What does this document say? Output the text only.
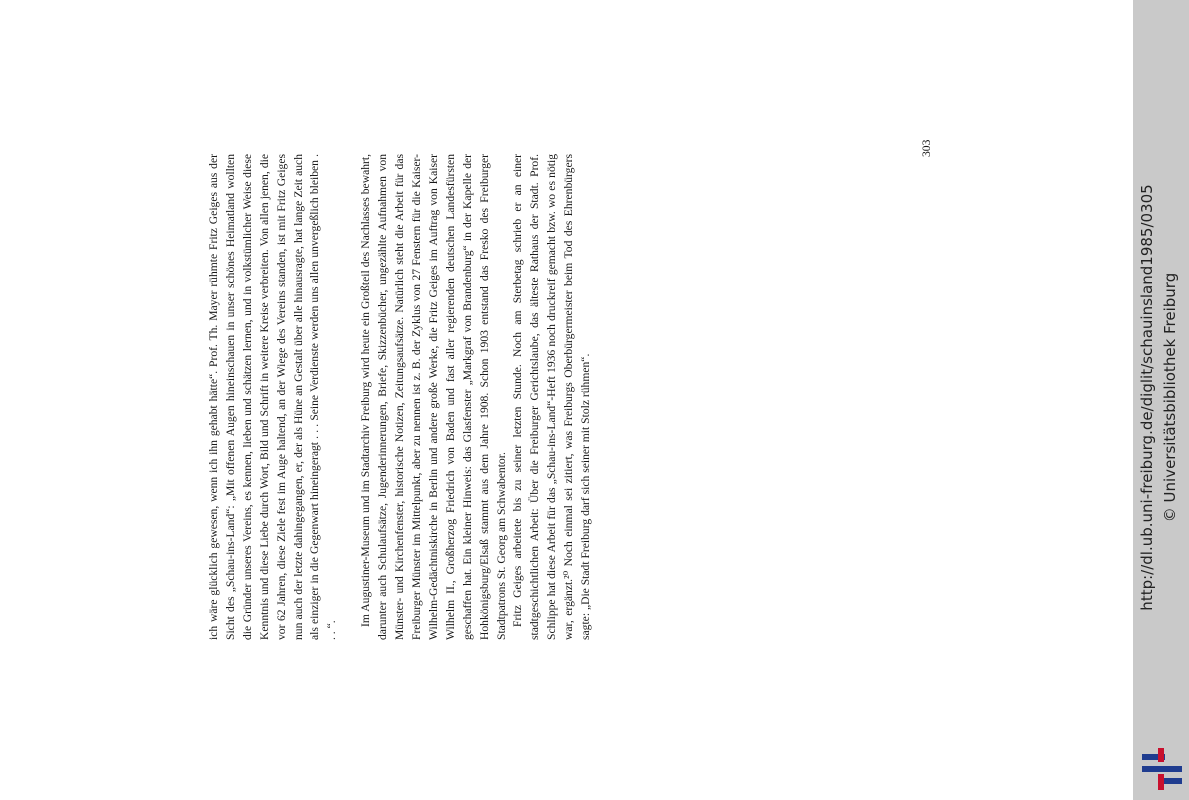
ich wäre glücklich gewesen, wenn ich ihn gehabt hätte“. Prof. Th. Mayer rühmte Fritz Geiges aus der Sicht des „Schau-ins-Land“: „Mit offenen Augen hineinschauen in unser schönes Heimatland wollten die Gründer unseres Vereins, es kennen, lieben und schätzen lernen, und in volkstümlicher Weise diese Kenntnis und diese Liebe durch Wort, Bild und Schrift in weitere Kreise verbreiten. Von allen jenen, die vor 62 Jahren, diese Ziele fest im Auge haltend, an der Wiege des Vereins standen, ist mit Fritz Geiges nun auch der letzte dahingegangen, er, der als Hüne an Gestalt über alle hinausragte, hat lange Zeit auch als einziger in die Gegenwart hineingeragt . . . Seine Verdienste werden uns allen unvergeßlich bleiben . . . “.

Im Augustiner-Museum und im Stadtarchiv Freiburg wird heute ein Großteil des Nachlasses bewahrt, darunter auch Schulaufsätze, Jugenderinnerungen, Briefe, Skizzenbücher, ungezählte Aufnahmen von Münster- und Kirchenfenster, historische Notizen, Zeitungsaufsätze. Natürlich steht die Arbeit für das Freiburger Münster im Mittelpunkt, aber zu nennen ist z. B. der Zyklus von 27 Fenstern für die Kaiser-Wilhelm-Gedächtniskirche in Berlin und andere große Werke, die Fritz Geiges im Auftrag von Kaiser Wilhelm II., Großherzog Friedrich von Baden und fast aller regierenden deutschen Landesfürsten geschaffen hat. Ein kleiner Hinweis: das Glasfenster „Markgraf von Brandenburg“ in der Kapelle der Hohkönigsburg/Elsaß stammt aus dem Jahre 1908. Schon 1903 entstand das Fresko des Freiburger Stadtpatrons St. Georg am Schwabentor. Fritz Geiges arbeitete bis zu seiner letzten Stunde. Noch am Sterbetag schrieb er an einer stadtgeschichtlichen Arbeit: Über die Freiburger Gerichtslaube, das älteste Rathaus der Stadt. Prof. Schlippe hat diese Arbeit für das „Schau-ins-Land“-Heft 1936 noch druckreif gemacht bzw. wo es nötig war, ergänzt.²⁰ Noch einmal sei zitiert, was Freiburgs Oberbürgermeister beim Tod des Ehrenbürgers sagte: „Die Stadt Freiburg darf sich seiner mit Stolz rühmen“.

303
http://dl.ub.uni-freiburg.de/diglit/schauinsland1985/0305 © Universitätsbibliothek Freiburg
